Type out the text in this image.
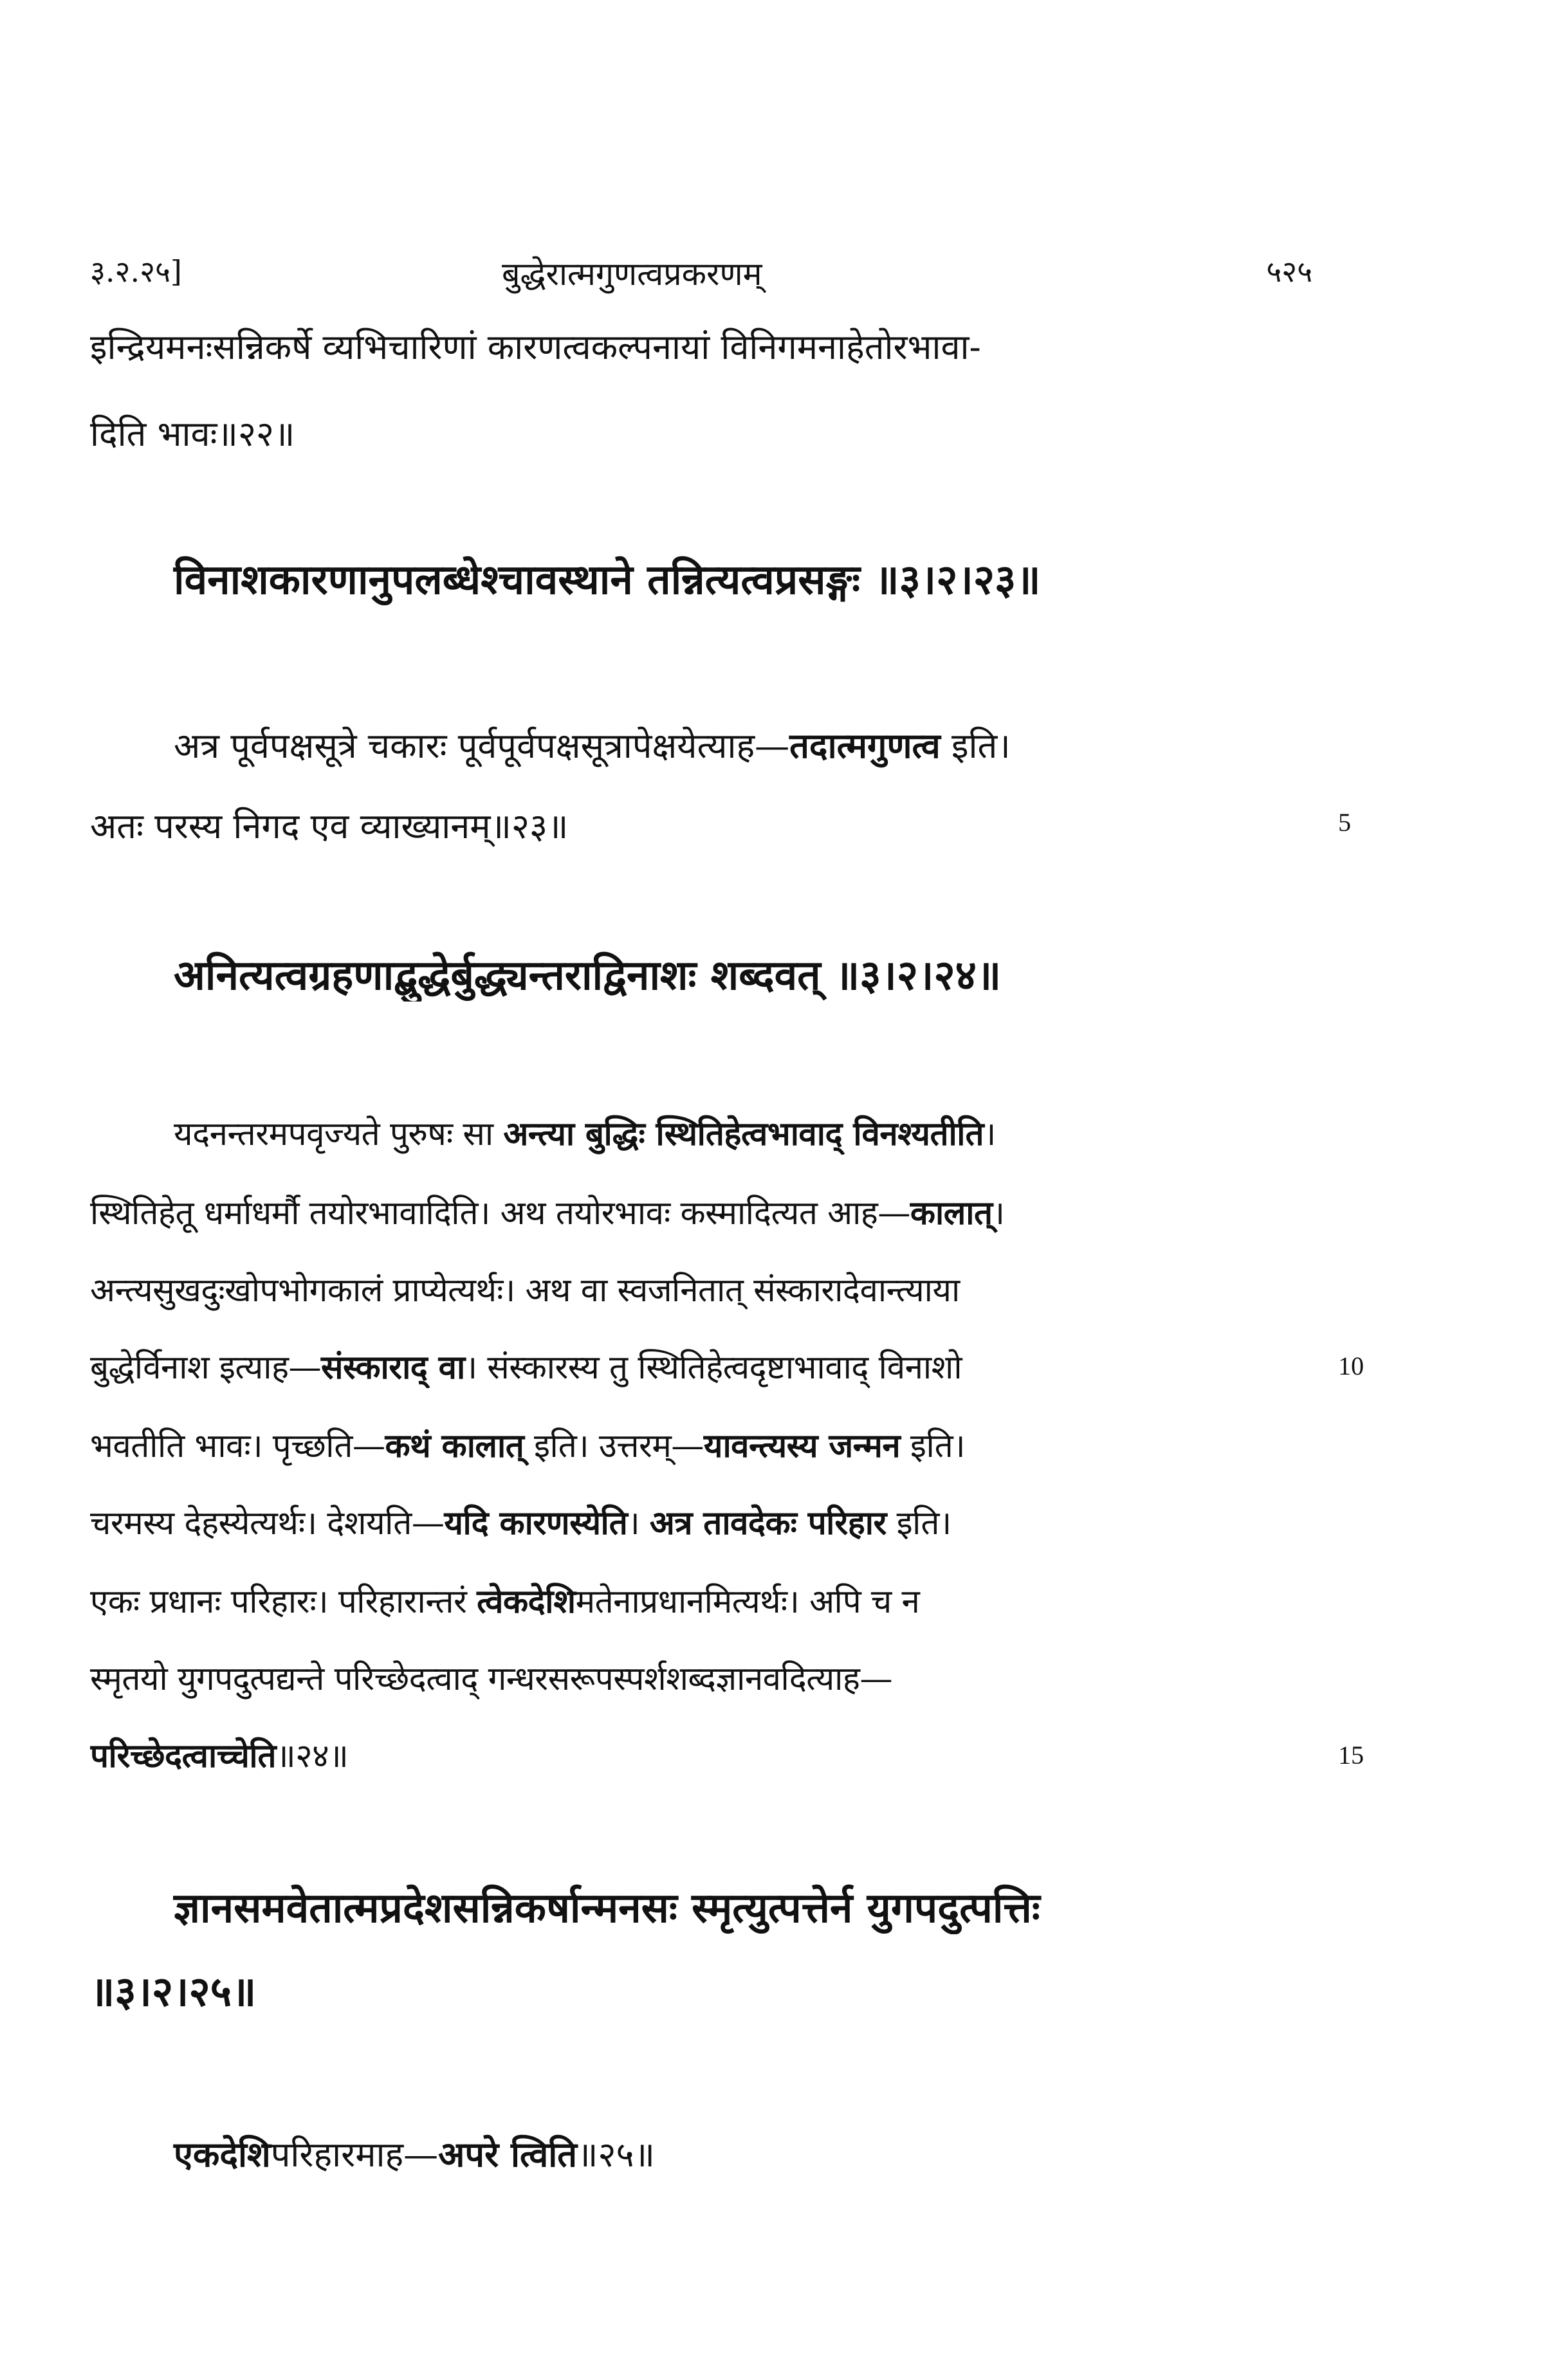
३.२.२५]	बुद्धेरात्मगुणत्वप्रकरणम्	५२५
इन्द्रियमनःसन्निकर्षे व्यभिचारिणां कारणत्वकल्पनायां विनिगमनाहेतोरभावा-
दिति भावः॥२२॥
विनाशकारणानुपलब्धेश्चावस्थाने तन्नित्यत्वप्रसङ्गः ॥३।२।२३॥
अत्र पूर्वपक्षसूत्रे चकारः पूर्वपूर्वपक्षसूत्रापेक्षयेत्याह—तदात्मगुणत्व इति।
अतः परस्य निगद एव व्याख्यानम्॥२३॥	5
अनित्यत्वग्रहणाद्बुद्धेर्बुद्ध्यन्तराद्विनाशः शब्दवत् ॥३।२।२४॥
यदनन्तरमपवृज्यते पुरुषः सा अन्त्या बुद्धिः स्थितिहेत्वभावाद् विनश्यतीति।
स्थितिहेतू धर्माधर्मौ तयोरभावादिति। अथ तयोरभावः कस्मादित्यत आह—कालात्।
अन्त्यसुखदुःखोपभोगकालं प्राप्येत्यर्थः। अथ वा स्वजनितात् संस्कारादेवान्त्याया
बुद्धेर्विनाश इत्याह—संस्काराद् वा। संस्कारस्य तु स्थितिहेत्वदृष्टाभावाद् विनाशो	10
भवतीति भावः। पृच्छति—कथं कालात् इति। उत्तरम्—यावन्त्यस्य जन्मन इति।
चरमस्य देहस्येत्यर्थः। देशयति—यदि कारणस्येति। अत्र तावदेकः परिहार इति।
एकः प्रधानः परिहारः। परिहारान्तरं त्वेकदेशिमतेनाप्रधानमित्यर्थः। अपि च न
स्मृतयो युगपदुत्पद्यन्ते परिच्छेदत्वाद् गन्धरसरूपस्पर्शशब्दज्ञानवदित्याह—
परिच्छेदत्वाच्चेति॥२४॥	15
ज्ञानसमवेतात्मप्रदेशसन्निकर्षान्मनसः स्मृत्युत्पत्तेर्न युगपदुत्पत्तिः
॥३।२।२५॥
एकदेशिपरिहारमाह—अपरे त्विति॥२५॥
